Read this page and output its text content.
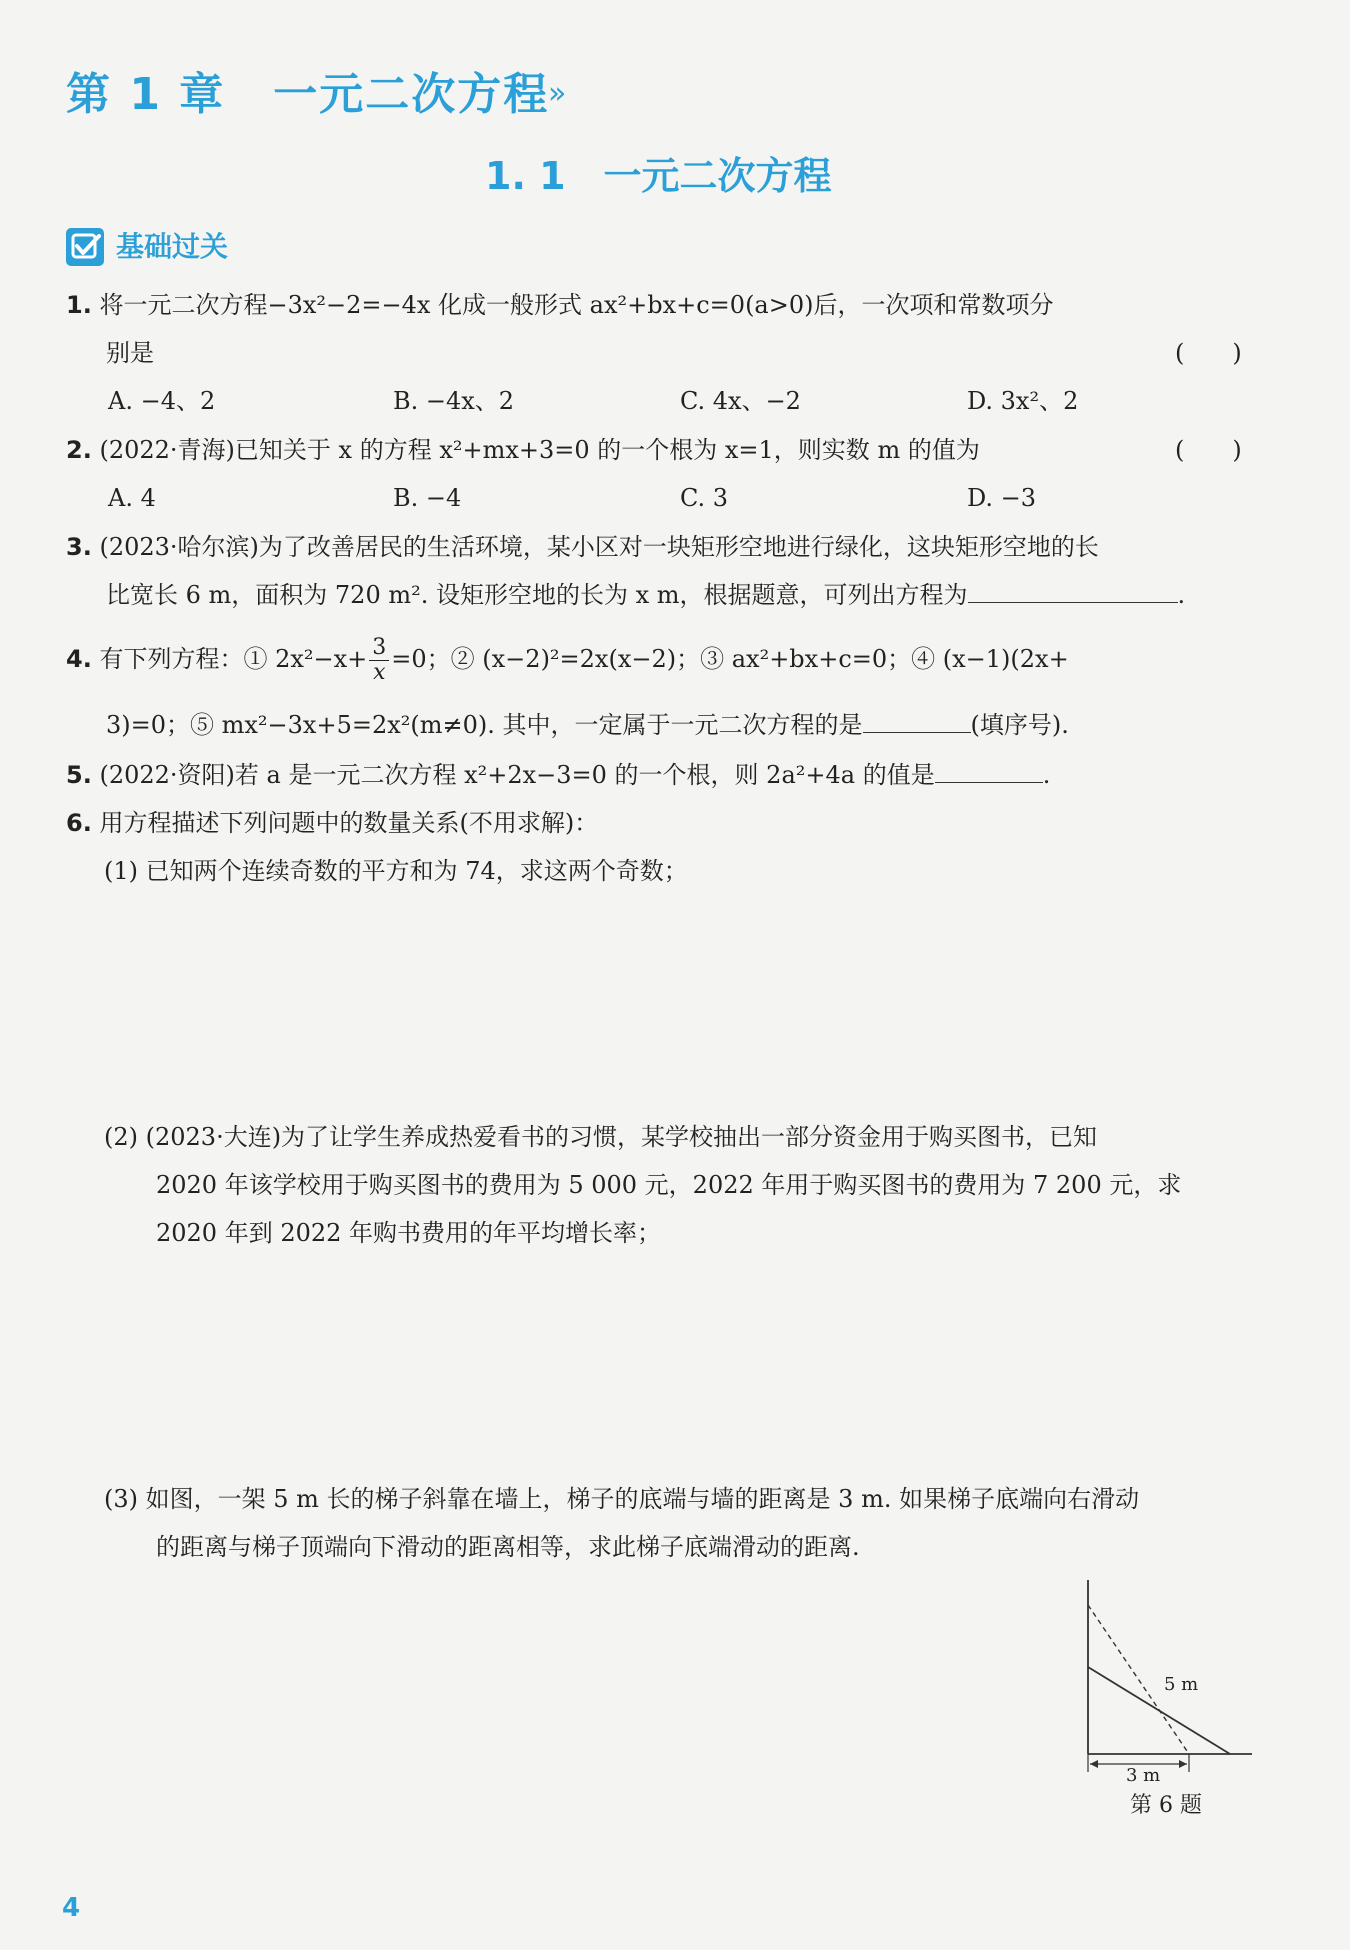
第 1 章 一元二次方程
»
1. 1 一元二次方程
基础过关
1. 将一元二次方程−3x²−2=−4x 化成一般形式 ax²+bx+c=0(a>0)后，一次项和常数项分
别是	(　　)
A. −4、2	B. −4x、2	C. 4x、−2	D. 3x²、2
2. (2022·青海)已知关于 x 的方程 x²+mx+3=0 的一个根为 x=1，则实数 m 的值为	(　　)
A. 4	B. −4	C. 3	D. −3
3. (2023·哈尔滨)为了改善居民的生活环境，某小区对一块矩形空地进行绿化，这块矩形空地的长
比宽长 6 m，面积为 720 m². 设矩形空地的长为 x m，根据题意，可列出方程为	.
4. 有下列方程：① $2x^2-x+ \frac{3}{x} =0$；② (x−2)²=2x(x−2)；③ ax²+bx+c=0；④ (x−1)(2x+
3)=0；⑤ mx²−3x+5=2x²(m≠0). 其中，一定属于一元二次方程的是	(填序号).
5. (2022·资阳)若 a 是一元二次方程 x²+2x−3=0 的一个根，则 2a²+4a 的值是	.
6. 用方程描述下列问题中的数量关系(不用求解)：
(1) 已知两个连续奇数的平方和为 74，求这两个奇数；
(2) (2023·大连)为了让学生养成热爱看书的习惯，某学校抽出一部分资金用于购买图书，已知
2020 年该学校用于购买图书的费用为 5 000 元，2022 年用于购买图书的费用为 7 200 元，求
2020 年到 2022 年购书费用的年平均增长率；
(3) 如图，一架 5 m 长的梯子斜靠在墙上，梯子的底端与墙的距离是 3 m. 如果梯子底端向右滑动
的距离与梯子顶端向下滑动的距离相等，求此梯子底端滑动的距离.
5 m
3 m
第 6 题
4
